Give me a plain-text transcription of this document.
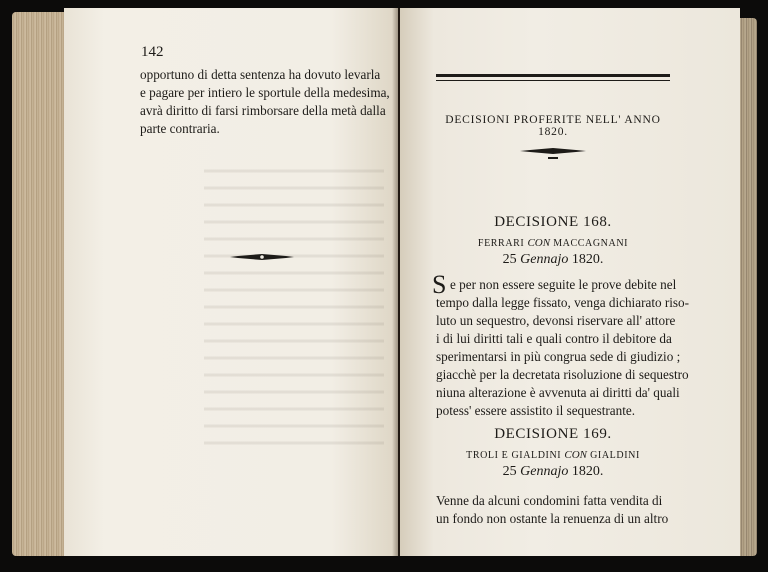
142
opportuno di detta sentenza ha dovuto levarla
e pagare per intiero le sportule della medesima,
avrà diritto di farsi rimborsare della metà dalla
parte contraria.
DECISIONI PROFERITE NELL' ANNO 1820.
DECISIONE 168.
FERRARI CON MACCAGNANI
25 Gennajo 1820.
S e per non essere seguite le prove debite nel
tempo dalla legge fissato, venga dichiarato riso-
luto un sequestro, devonsi riservare all' attore
i di lui diritti tali e quali contro il debitore da
sperimentarsi in più congrua sede di giudizio ;
giacchè per la decretata risoluzione di sequestro
niuna alterazione è avvenuta ai diritti da' quali
potess' essere assistito il sequestrante.
DECISIONE 169.
TROLI E GIALDINI CON GIALDINI
25 Gennajo 1820.
Venne da alcuni condomini fatta vendita di
un fondo non ostante la renuenza di un altro
